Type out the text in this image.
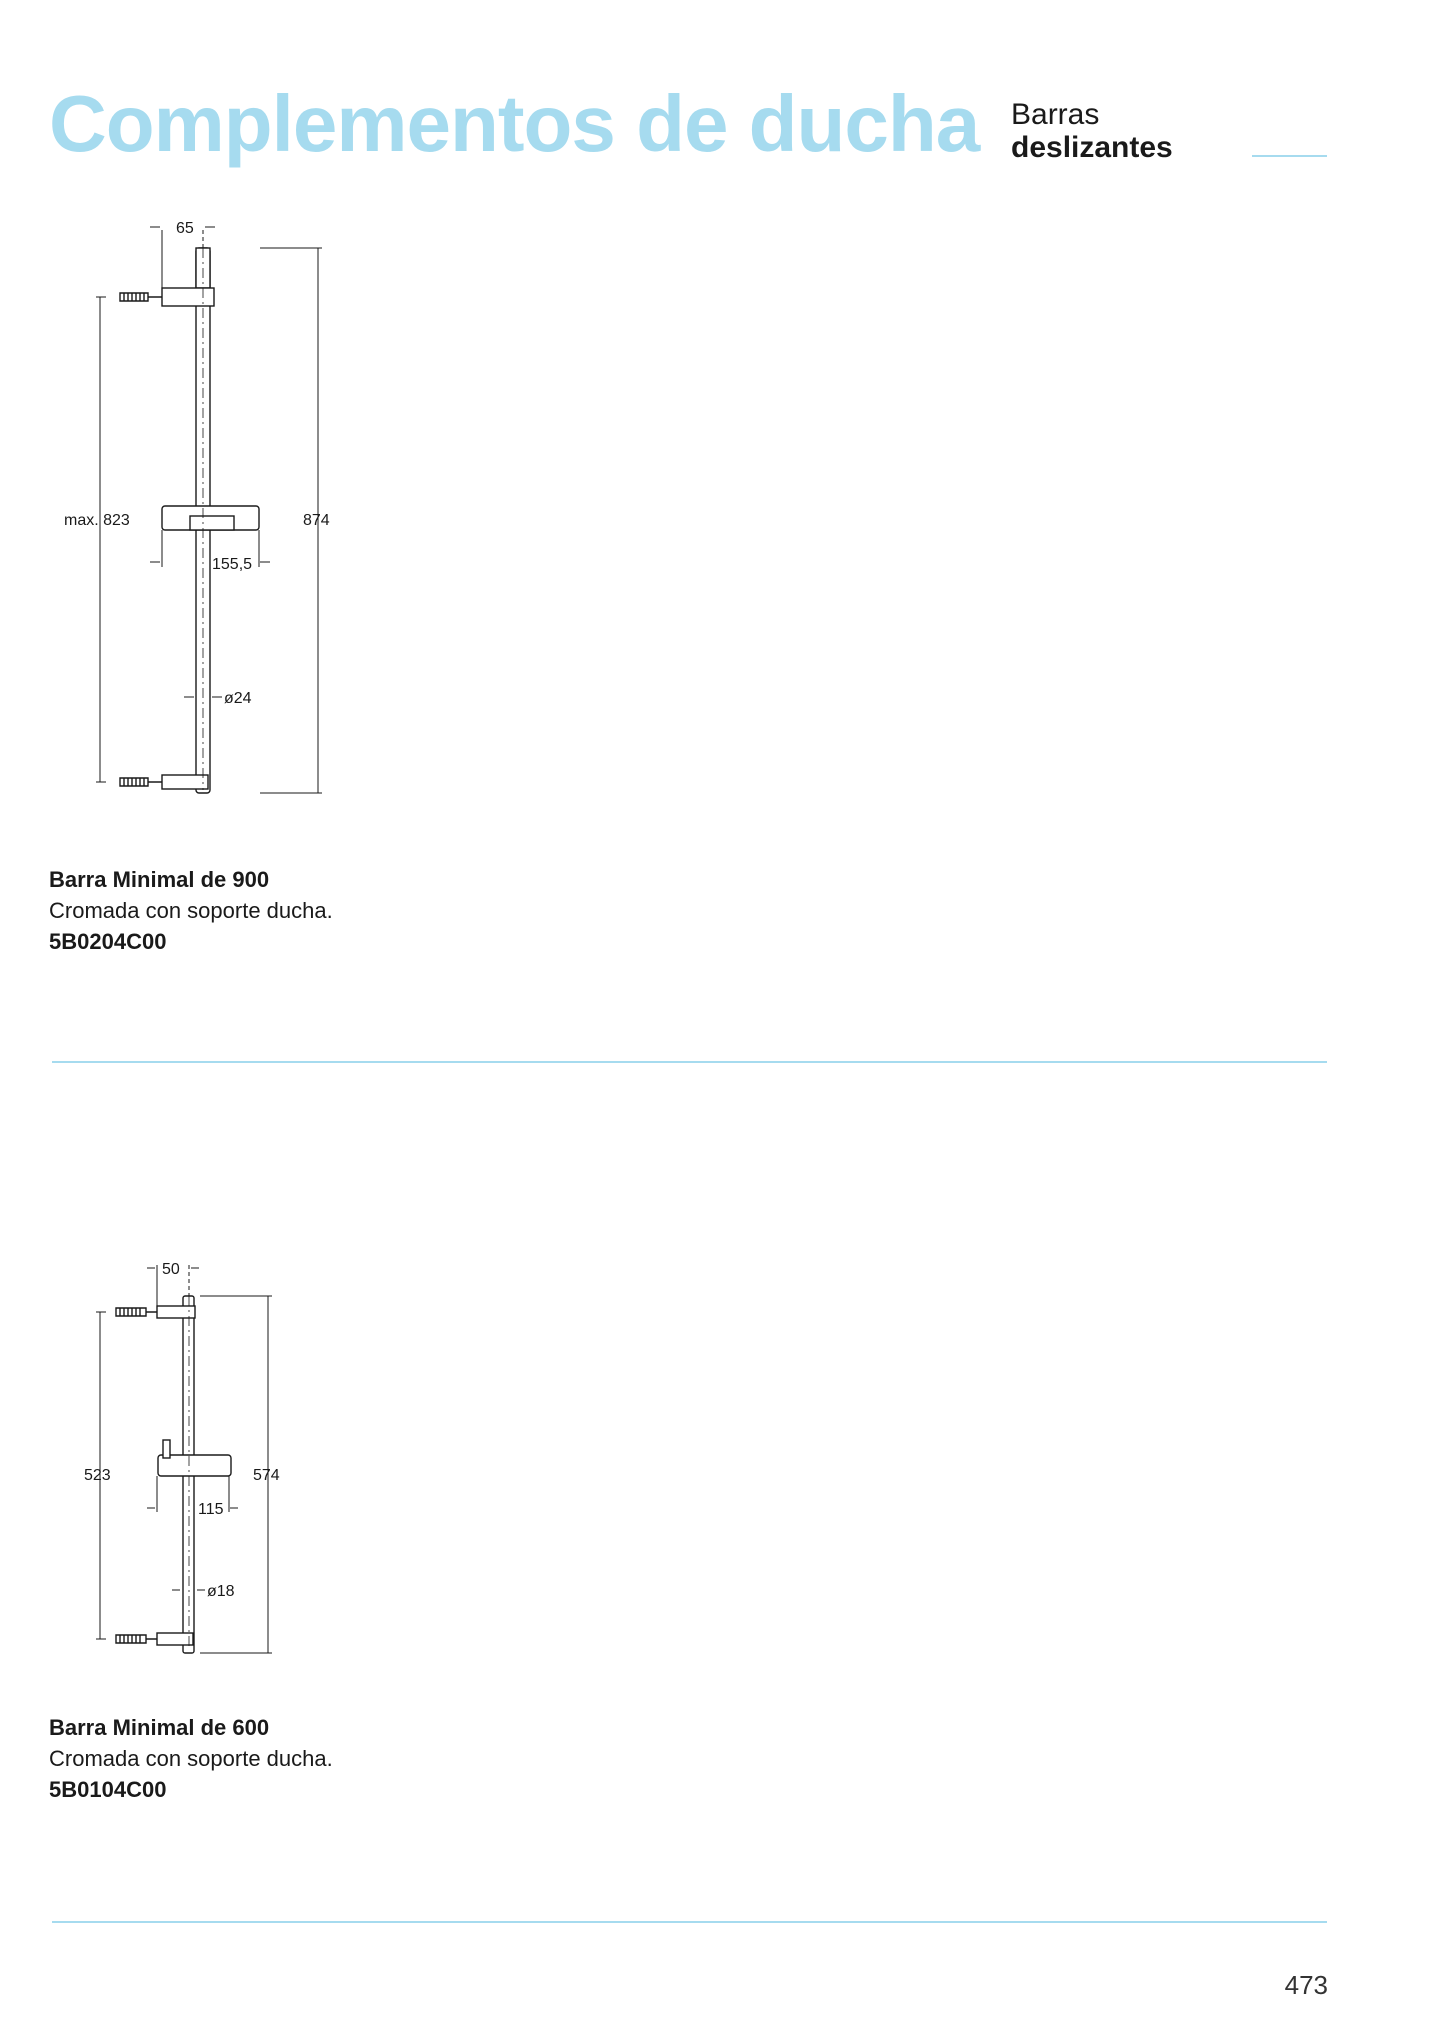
Complementos de ducha Barras
deslizantes
65
max. 823	874
155,5
ø24
Barra Minimal de 900
Cromada con soporte ducha.
5B0204C00
50
523	574
115
ø18
Barra Minimal de 600
Cromada con soporte ducha.
5B0104C00
473
